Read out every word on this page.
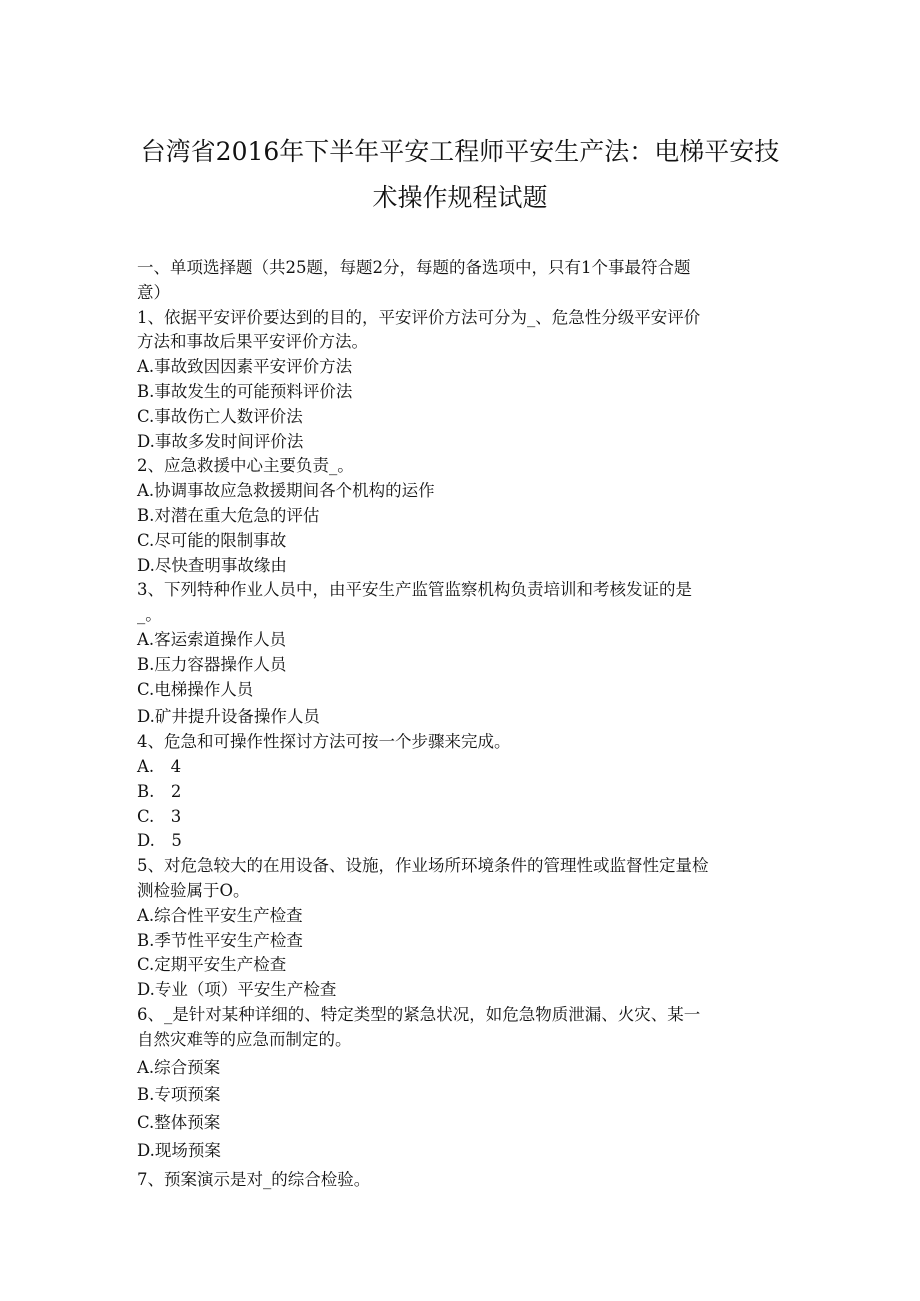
台湾省2016年下半年平安工程师平安生产法：电梯平安技
术操作规程试题
一、单项选择题（共25题，每题2分，每题的备选项中，只有1个事最符合题
意）
1、依据平安评价要达到的目的，平安评价方法可分为_、危急性分级平安评价
方法和事故后果平安评价方法。
A.事故致因因素平安评价方法
B.事故发生的可能预料评价法
C.事故伤亡人数评价法
D.事故多发时间评价法
2、应急救援中心主要负责_。
A.协调事故应急救援期间各个机构的运作
B.对潜在重大危急的评估
C.尽可能的限制事故
D.尽快查明事故缘由
3、下列特种作业人员中，由平安生产监管监察机构负责培训和考核发证的是
_。
A.客运索道操作人员
B.压力容器操作人员
C.电梯操作人员
D.矿井提升设备操作人员
4、危急和可操作性探讨方法可按一个步骤来完成。
A.　4
B.　2
C.　3
D.　5
5、对危急较大的在用设备、设施，作业场所环境条件的管理性或监督性定量检
测检验属于O。
A.综合性平安生产检查
B.季节性平安生产检查
C.定期平安生产检查
D.专业（项）平安生产检查
6、_是针对某种详细的、特定类型的紧急状况，如危急物质泄漏、火灾、某一
自然灾难等的应急而制定的。
A.综合预案
B.专项预案
C.整体预案
D.现场预案
7、预案演示是对_的综合检验。
